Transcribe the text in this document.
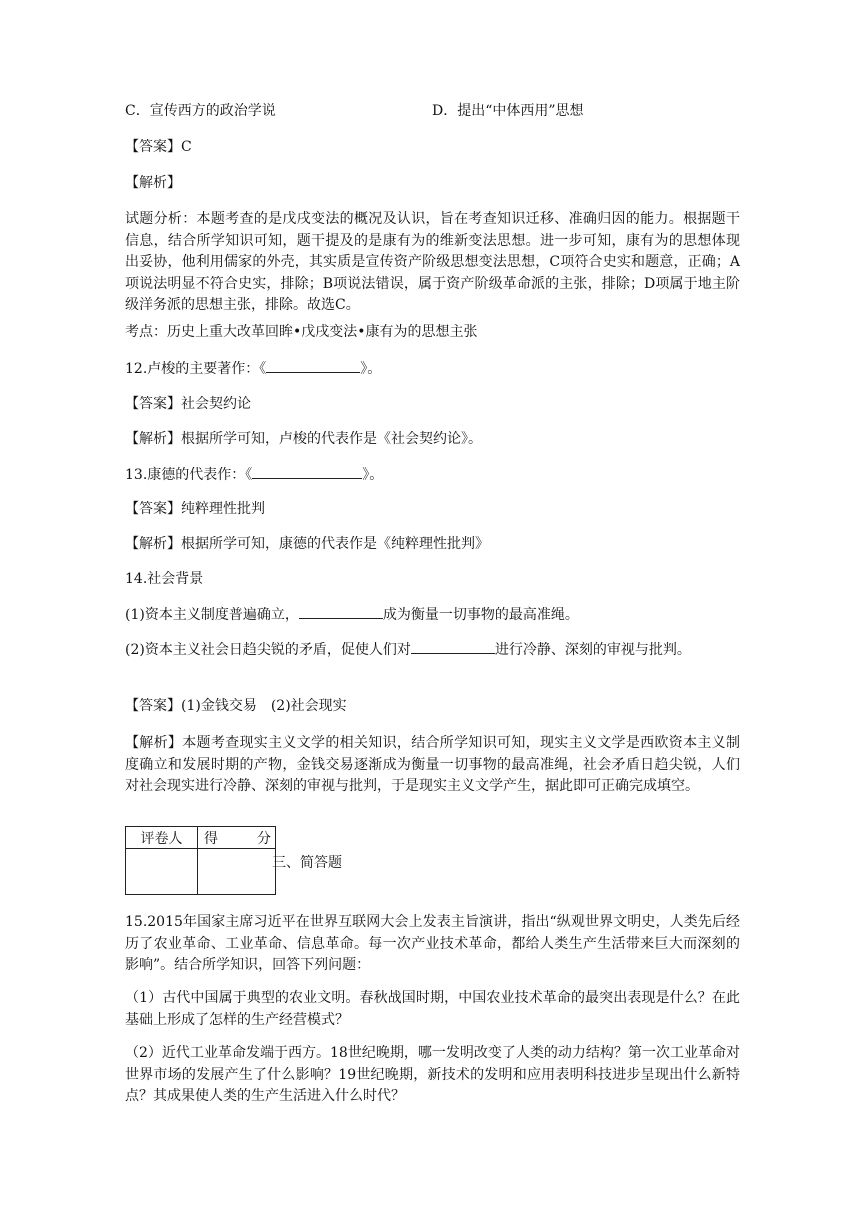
C．宣传西方的政治学说	D．提出“中体西用”思想
【答案】C
【解析】
试题分析：本题考查的是戊戌变法的概况及认识，旨在考查知识迁移、准确归因的能力。根据题干信息，结合所学知识可知，题干提及的是康有为的维新变法思想。进一步可知，康有为的思想体现出妥协，他利用儒家的外壳，其实质是宣传资产阶级思想变法思想，C项符合史实和题意，正确；A项说法明显不符合史实，排除；B项说法错误，属于资产阶级革命派的主张，排除；D项属于地主阶级洋务派的思想主张，排除。故选C。
考点：历史上重大改革回眸•戊戌变法•康有为的思想主张
12.卢梭的主要著作：《	》。
【答案】社会契约论
【解析】根据所学可知，卢梭的代表作是《社会契约论》。
13.康德的代表作：《	》。
【答案】纯粹理性批判
【解析】根据所学可知，康德的代表作是《纯粹理性批判》
14.社会背景
(1)资本主义制度普遍确立，	成为衡量一切事物的最高准绳。
(2)资本主义社会日趋尖锐的矛盾，促使人们对	进行冷静、深刻的审视与批判。
【答案】(1)金钱交易　(2)社会现实
【解析】本题考查现实主义文学的相关知识，结合所学知识可知，现实主义文学是西欧资本主义制度确立和发展时期的产物，金钱交易逐渐成为衡量一切事物的最高准绳，社会矛盾日趋尖锐，人们对社会现实进行冷静、深刻的审视与批判，于是现实主义文学产生，据此即可正确完成填空。
评卷人	得 分

三、简答题
15.2015年国家主席习近平在世界互联网大会上发表主旨演讲，指出“纵观世界文明史，人类先后经历了农业革命、工业革命、信息革命。每一次产业技术革命，都给人类生产生活带来巨大而深刻的影响”。结合所学知识，回答下列问题：
（1）古代中国属于典型的农业文明。春秋战国时期，中国农业技术革命的最突出表现是什么？在此基础上形成了怎样的生产经营模式？
（2）近代工业革命发端于西方。18世纪晚期，哪一发明改变了人类的动力结构？第一次工业革命对世界市场的发展产生了什么影响？19世纪晚期，新技术的发明和应用表明科技进步呈现出什么新特点？其成果使人类的生产生活进入什么时代？
